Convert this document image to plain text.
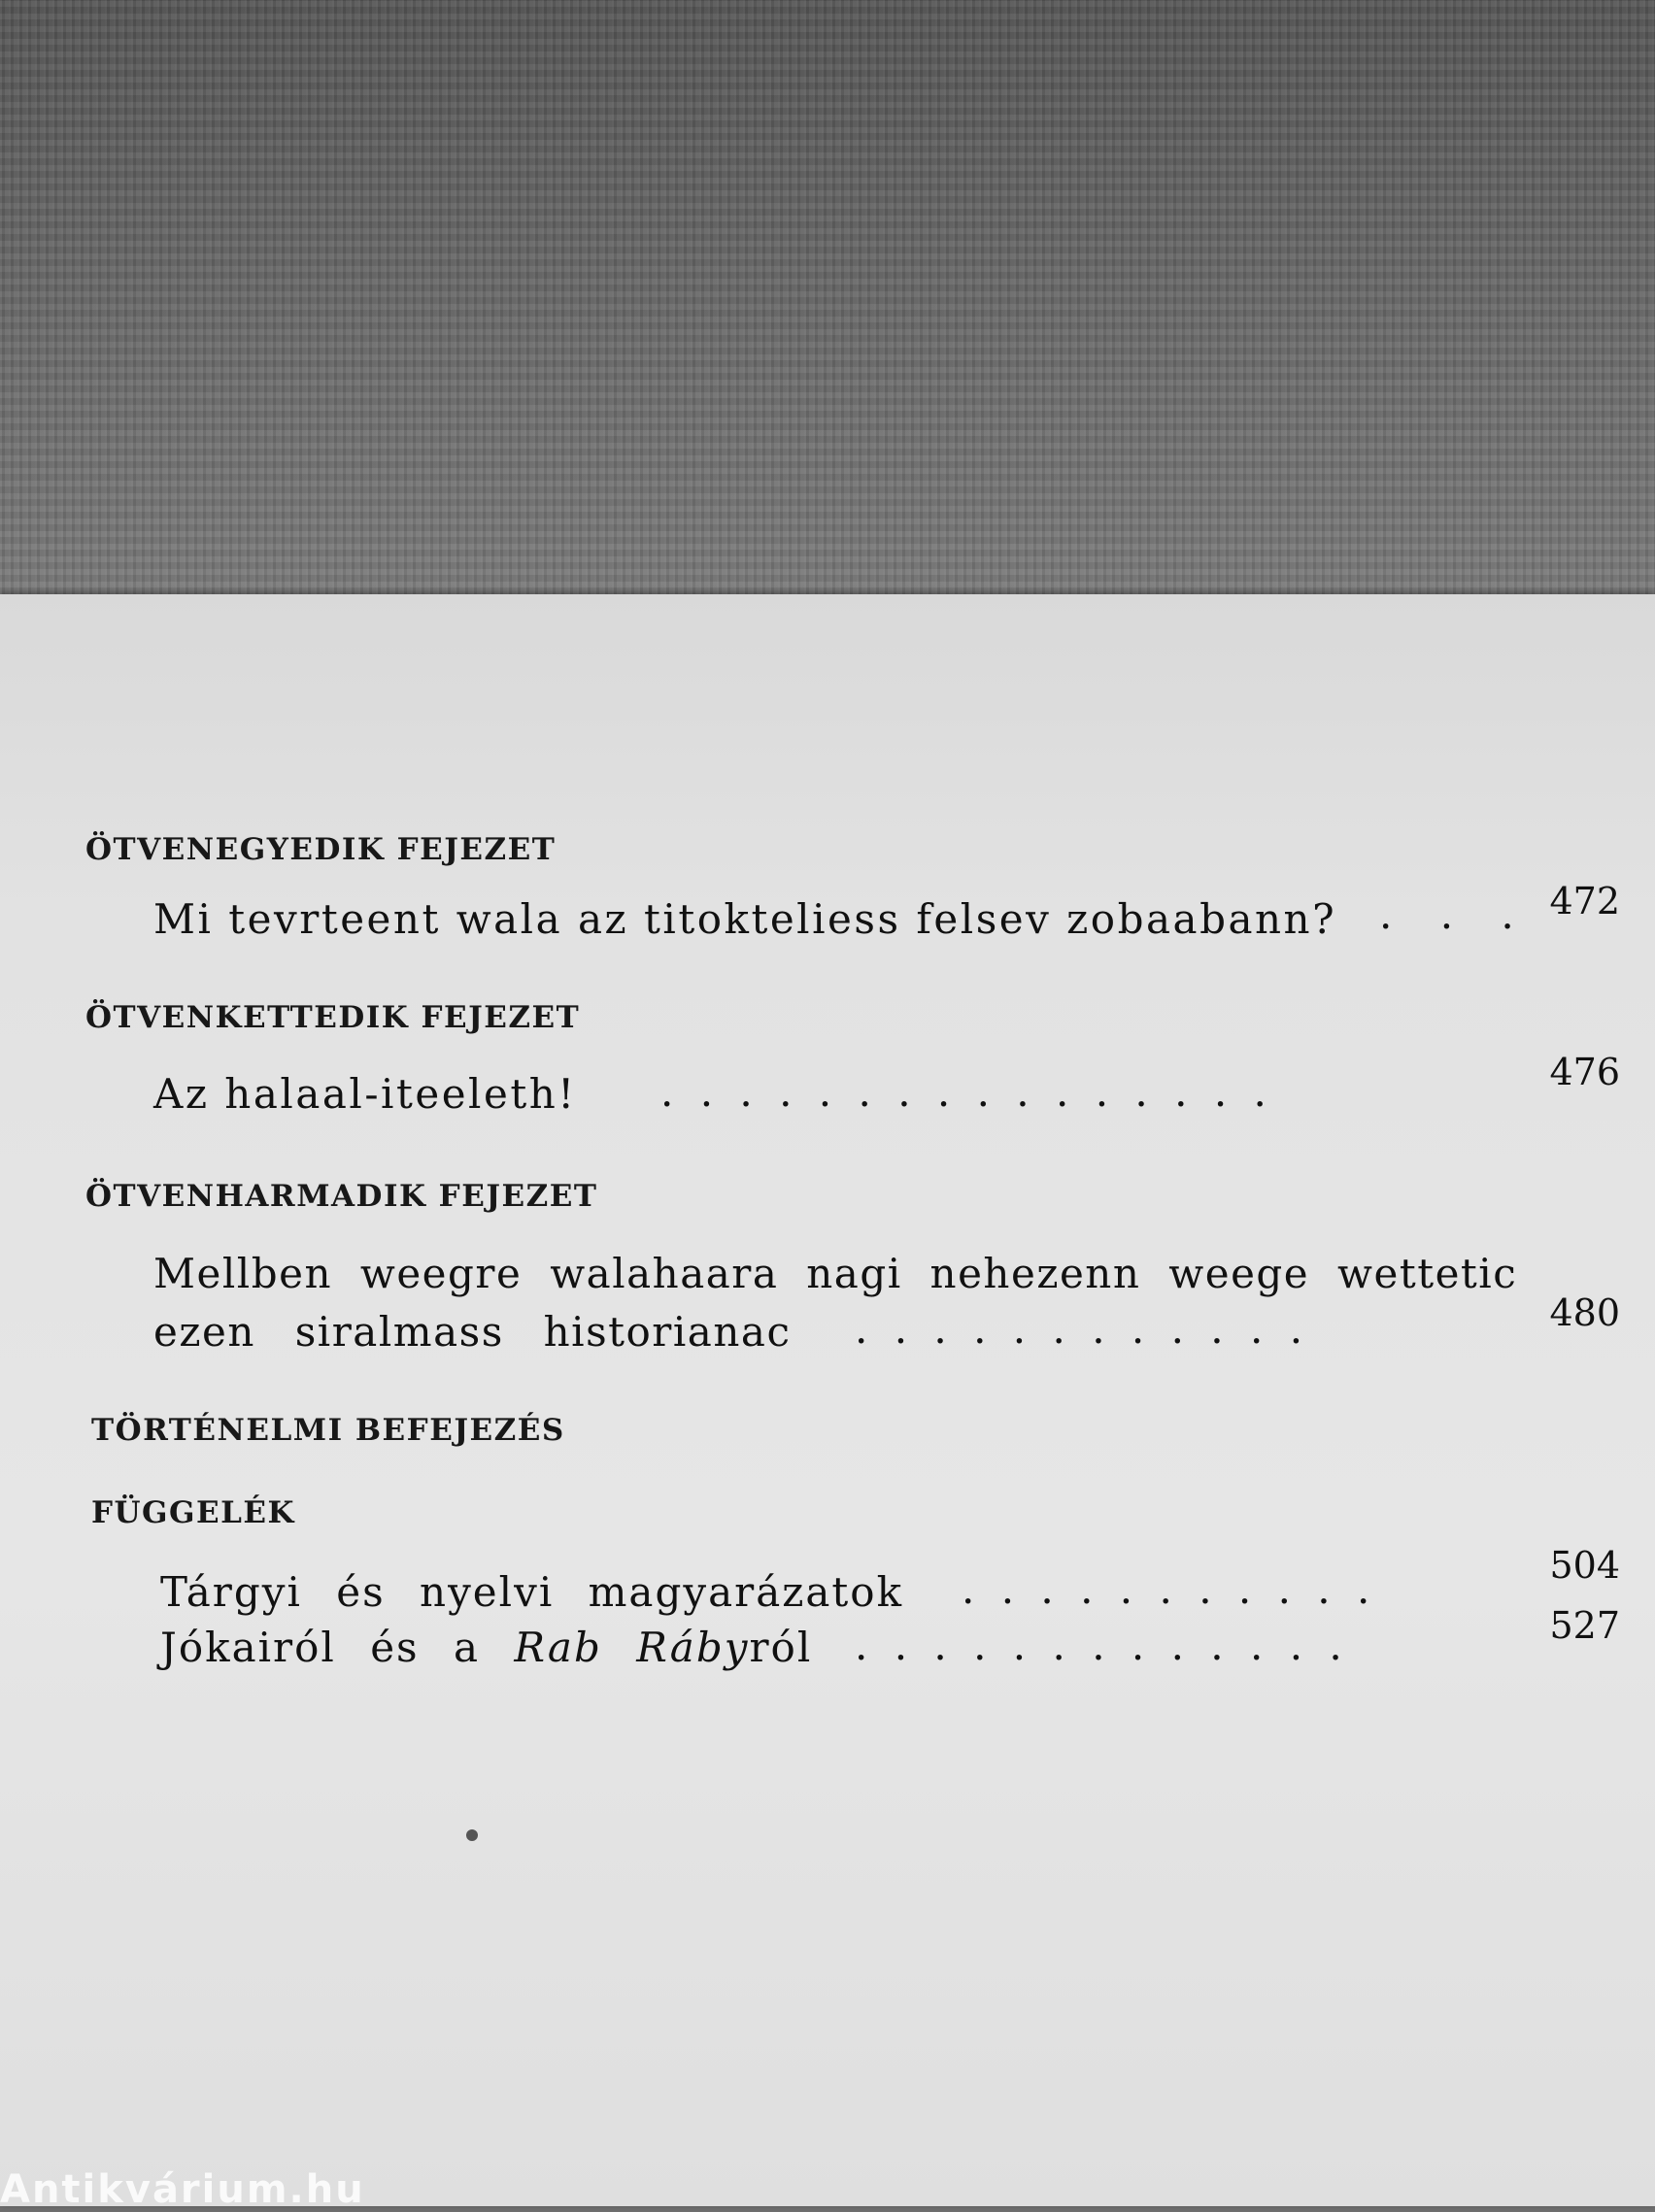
ÖTVENEGYEDIK FEJEZET
Mi tevrteent wala az titokteliess felsev zobaabann? . . . 472
ÖTVENKETTEDIK FEJEZET
Az halaal-iteeleth! . . . . . . . . . . . . . . . .	476
ÖTVENHARMADIK FEJEZET
Mellben weegre walahaara nagi nehezenn weege wettetic
ezen siralmass historianac . . . . . . . . . . . .	480
TÖRTÉNELMI BEFEJEZÉS
FÜGGELÉK
Tárgyi és nyelvi magyarázatok . . . . . . . . . . .	504
Jókairól és a Rab Rábyról . . . . . . . . . . . . .	527
Antikvárium.hu
